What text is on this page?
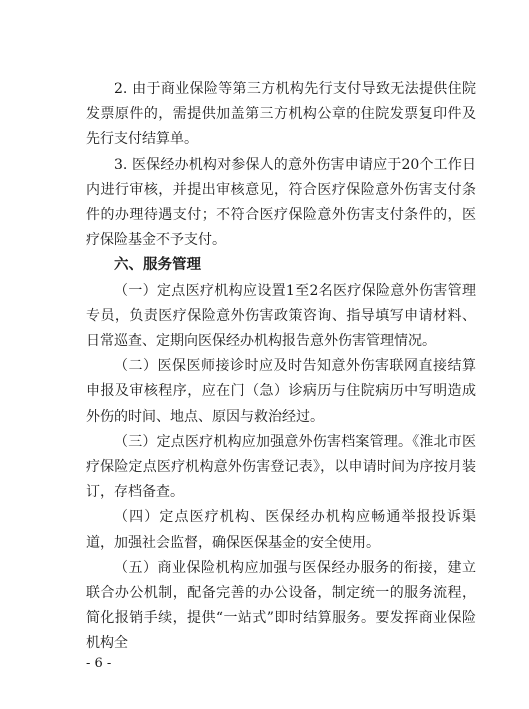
2. 由于商业保险等第三方机构先行支付导致无法提供住院发票原件的，需提供加盖第三方机构公章的住院发票复印件及先行支付结算单。

3. 医保经办机构对参保人的意外伤害申请应于20个工作日内进行审核，并提出审核意见，符合医疗保险意外伤害支付条件的办理待遇支付；不符合医疗保险意外伤害支付条件的，医疗保险基金不予支付。

六、服务管理

（一）定点医疗机构应设置1至2名医疗保险意外伤害管理专员，负责医疗保险意外伤害政策咨询、指导填写申请材料、日常巡查、定期向医保经办机构报告意外伤害管理情况。

（二）医保医师接诊时应及时告知意外伤害联网直接结算申报及审核程序，应在门（急）诊病历与住院病历中写明造成外伤的时间、地点、原因与救治经过。

（三）定点医疗机构应加强意外伤害档案管理。《淮北市医疗保险定点医疗机构意外伤害登记表》，以申请时间为序按月装订，存档备查。

（四）定点医疗机构、医保经办机构应畅通举报投诉渠道，加强社会监督，确保医保基金的安全使用。

（五）商业保险机构应加强与医保经办服务的衔接，建立联合办公机制，配备完善的办公设备，制定统一的服务流程，简化报销手续，提供“一站式”即时结算服务。要发挥商业保险机构全

- 6 -
